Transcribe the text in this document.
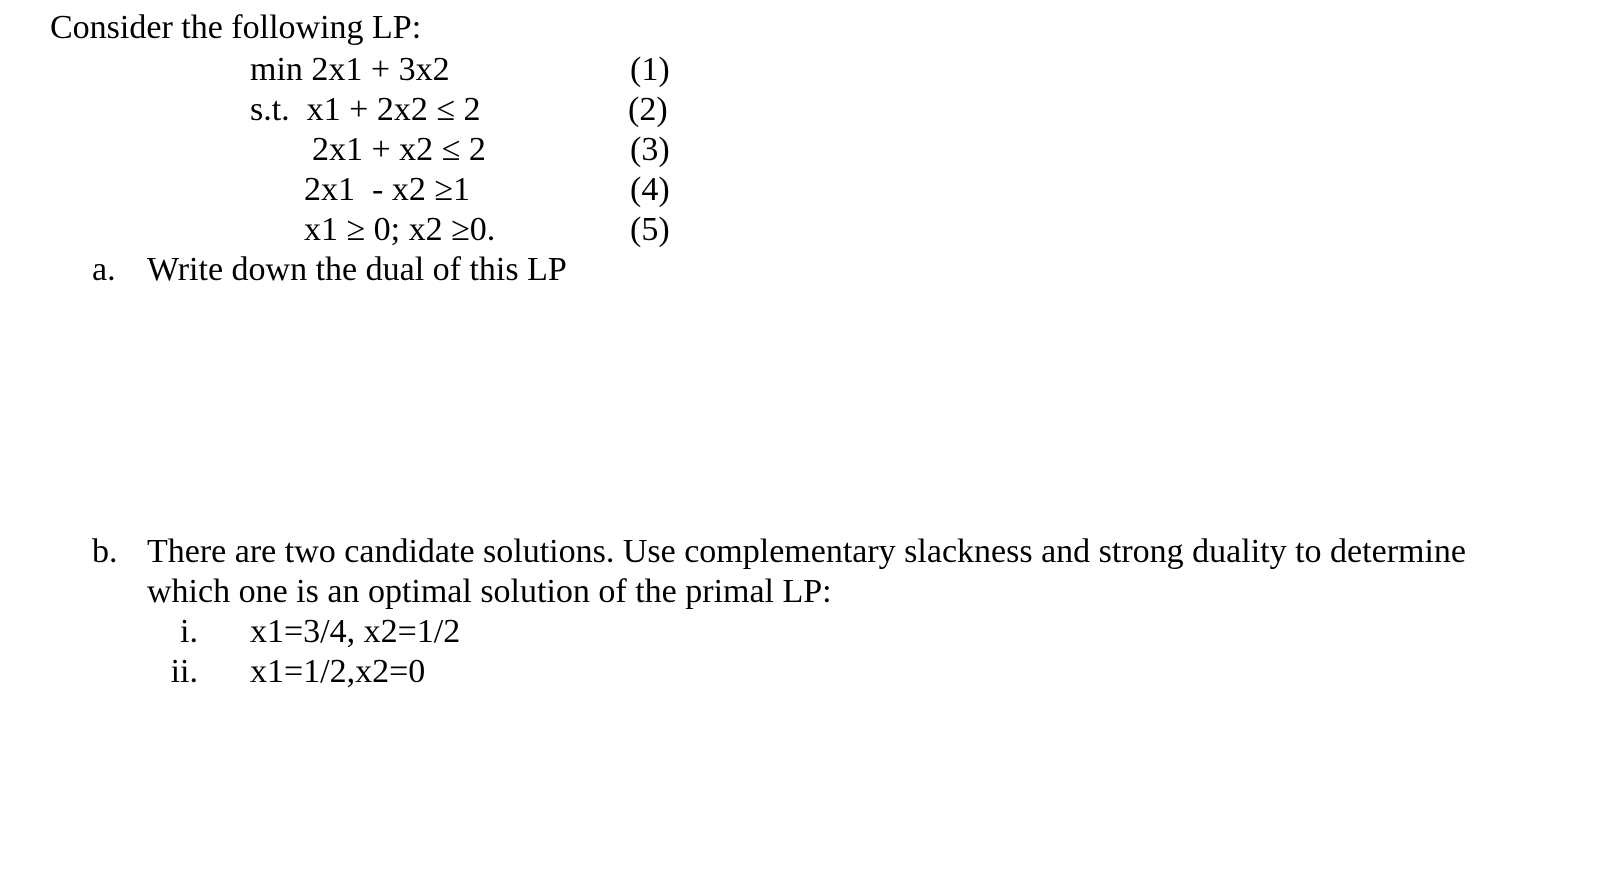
Consider the following LP:
min 2x1 + 3x2	(1)
s.t.  x1 + 2x2 ≤ 2	(2)
2x1 + x2 ≤ 2	(3)
2x1  - x2 ≥1	(4)
x1 ≥ 0; x2 ≥0.	(5)
a. Write down the dual of this LP
b. There are two candidate solutions. Use complementary slackness and strong duality to determine
which one is an optimal solution of the primal LP:
i. x1=3/4, x2=1/2
ii. x1=1/2,x2=0
